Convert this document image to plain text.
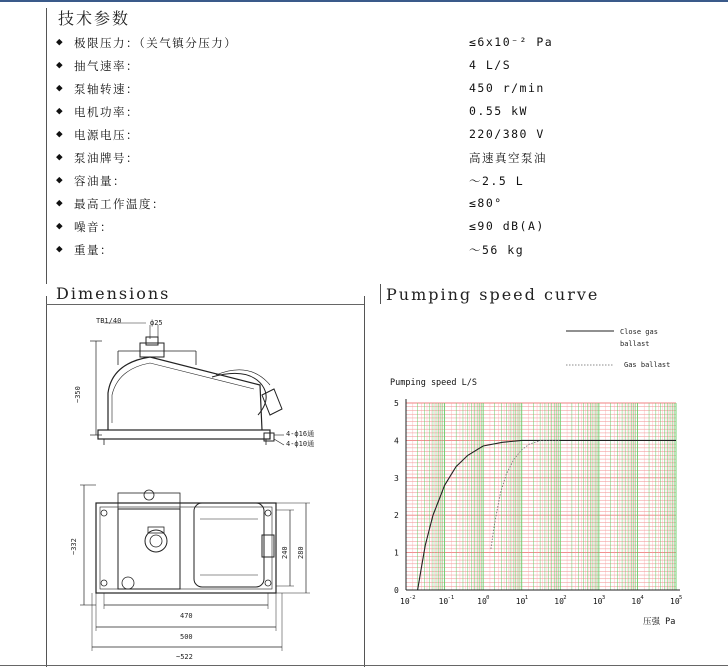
技术参数
Dimensions	Pumping speed curve
◆ 极限压力：（关气镇分压力）	≤6x10⁻² Pa
◆ 抽气速率：	4 L/S
◆ 泵轴转速：	450 r/min
◆ 电机功率：	0.55 kW
◆ 电源电压：	220/380 V
◆ 泵油牌号：	高速真空泵油
◆ 容油量：	～2.5 L
◆ 最高工作温度：	≤80°
◆ 噪音：	≤90 dB(A)
◆ 重量：	～56 kg
TB1/40	ф25
~350
4-ф16通
4-ф10通
~332	240 280
470
500
~522
0
1
2
3
4
5
10 -2	10 -1	10 0	10 1	10 2	10 3	10 4	10 5
Close gas
ballast
Gas ballast
Pumping speed L/S
压强 Pa
